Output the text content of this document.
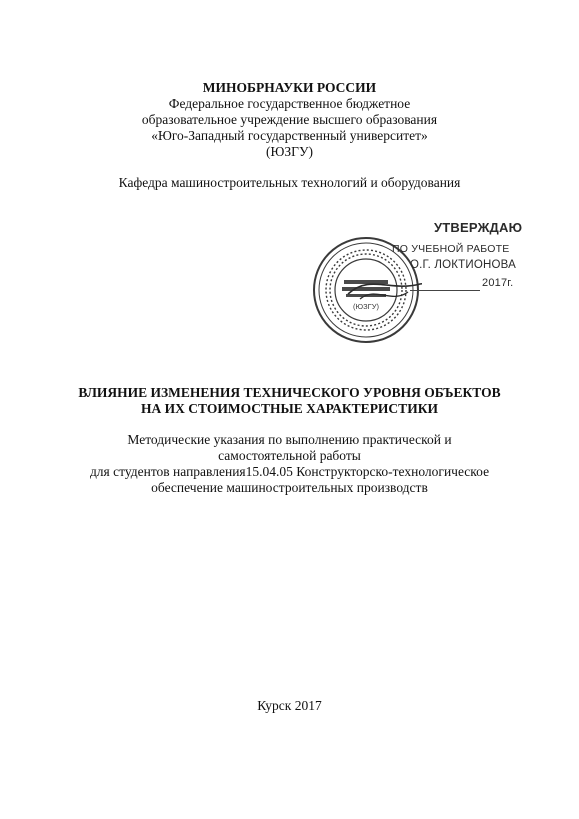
МИНОБРНАУКИ РОССИИ
Федеральное государственное бюджетное
образовательное учреждение высшего образования
«Юго-Западный государственный университет»
(ЮЗГУ)
Кафедра машиностроительных технологий и оборудования
(ЮЗГУ)
УТВЕРЖДАЮ
ПО УЧЕБНОЙ РАБОТЕ
О.Г. ЛОКТИОНОВА
2017г.
ВЛИЯНИЕ ИЗМЕНЕНИЯ ТЕХНИЧЕСКОГО УРОВНЯ ОБЪЕКТОВ
НА ИХ СТОИМОСТНЫЕ ХАРАКТЕРИСТИКИ
Методические указания по выполнению практической и
самостоятельной работы
для студентов направления15.04.05 Конструкторско-технологическое
обеспечение машиностроительных производств
Курск 2017
